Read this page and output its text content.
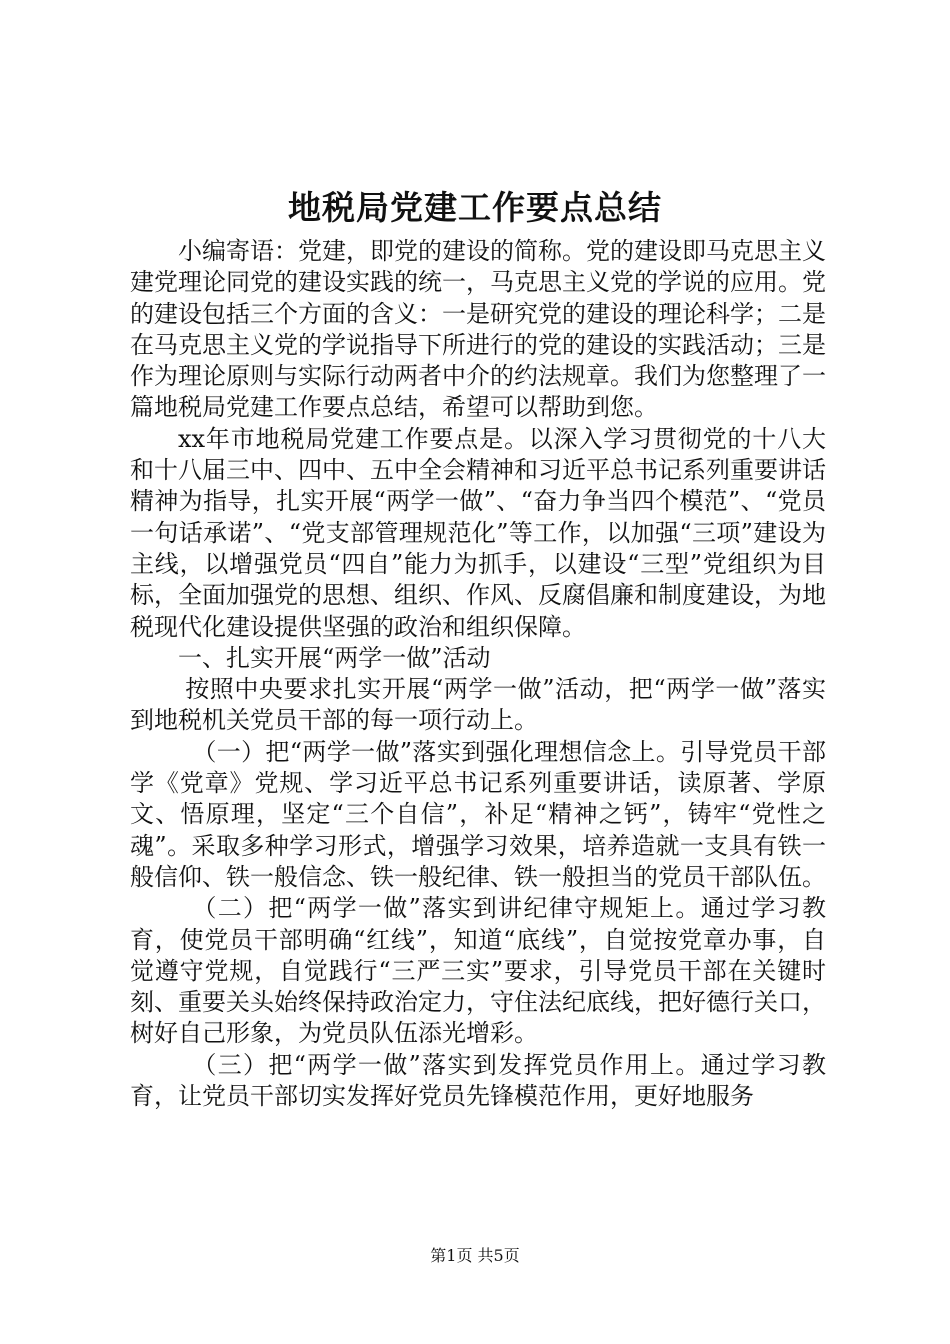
地税局党建工作要点总结

小编寄语：党建，即党的建设的简称。党的建设即马克思主义建党理论同党的建设实践的统一，马克思主义党的学说的应用。党的建设包括三个方面的含义：一是研究党的建设的理论科学；二是在马克思主义党的学说指导下所进行的党的建设的实践活动；三是作为理论原则与实际行动两者中介的约法规章。我们为您整理了一篇地税局党建工作要点总结，希望可以帮助到您。

xx年市地税局党建工作要点是。以深入学习贯彻党的十八大和十八届三中、四中、五中全会精神和习近平总书记系列重要讲话精神为指导，扎实开展“两学一做”、“奋力争当四个模范”、“党员一句话承诺”、“党支部管理规范化”等工作，以加强“三项”建设为主线，以增强党员“四自”能力为抓手，以建设“三型”党组织为目标，全面加强党的思想、组织、作风、反腐倡廉和制度建设，为地税现代化建设提供坚强的政治和组织保障。

一、扎实开展“两学一做”活动

按照中央要求扎实开展“两学一做”活动，把“两学一做”落实到地税机关党员干部的每一项行动上。

（一）把“两学一做”落实到强化理想信念上。引导党员干部学《党章》党规、学习近平总书记系列重要讲话，读原著、学原文、悟原理，坚定“三个自信”，补足“精神之钙”，铸牢“党性之魂”。采取多种学习形式，增强学习效果，培养造就一支具有铁一般信仰、铁一般信念、铁一般纪律、铁一般担当的党员干部队伍。

（二）把“两学一做”落实到讲纪律守规矩上。通过学习教育，使党员干部明确“红线”，知道“底线”，自觉按党章办事，自觉遵守党规，自觉践行“三严三实”要求，引导党员干部在关键时刻、重要关头始终保持政治定力，守住法纪底线，把好德行关口，树好自己形象，为党员队伍添光增彩。

（三）把“两学一做”落实到发挥党员作用上。通过学习教育，让党员干部切实发挥好党员先锋模范作用，更好地服务

第1页 共5页
